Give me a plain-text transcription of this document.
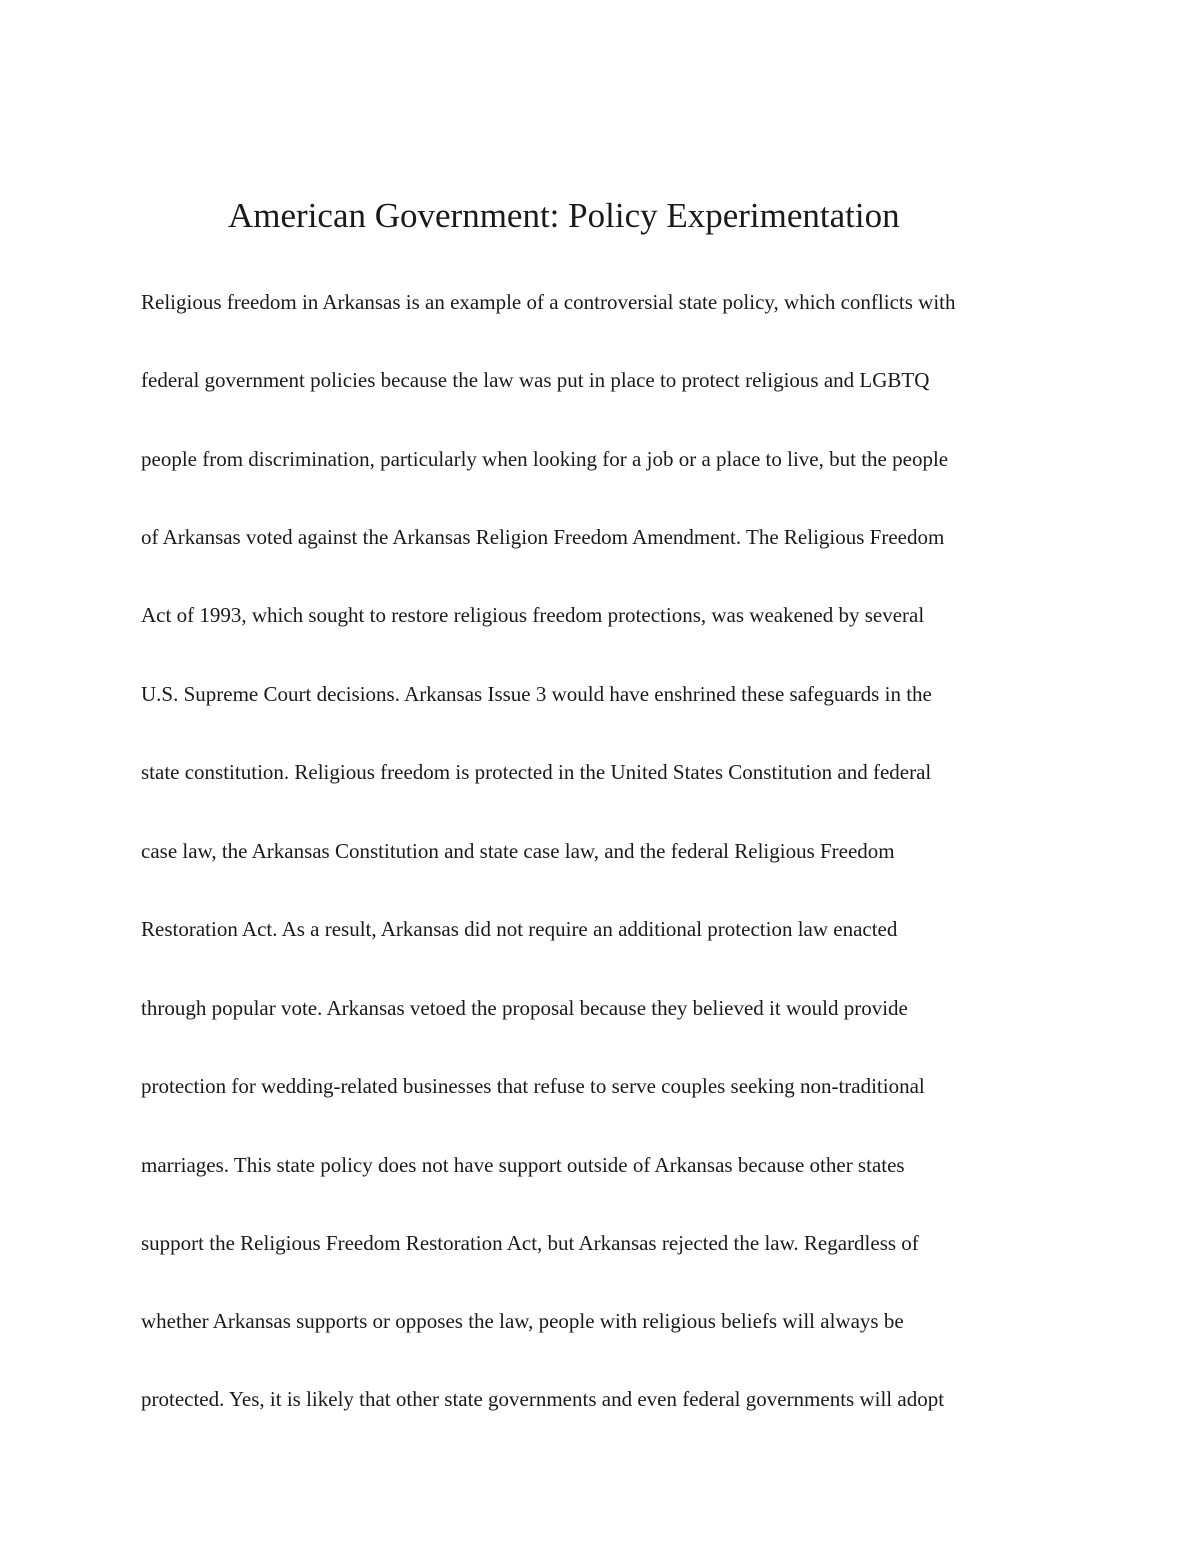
American Government: Policy Experimentation

Religious freedom in Arkansas is an example of a controversial state policy, which conflicts with

federal government policies because the law was put in place to protect religious and LGBTQ

people from discrimination, particularly when looking for a job or a place to live, but the people

of Arkansas voted against the Arkansas Religion Freedom Amendment. The Religious Freedom

Act of 1993, which sought to restore religious freedom protections, was weakened by several

U.S. Supreme Court decisions. Arkansas Issue 3 would have enshrined these safeguards in the

state constitution. Religious freedom is protected in the United States Constitution and federal

case law, the Arkansas Constitution and state case law, and the federal Religious Freedom

Restoration Act. As a result, Arkansas did not require an additional protection law enacted

through popular vote. Arkansas vetoed the proposal because they believed it would provide

protection for wedding-related businesses that refuse to serve couples seeking non-traditional

marriages. This state policy does not have support outside of Arkansas because other states

support the Religious Freedom Restoration Act, but Arkansas rejected the law. Regardless of

whether Arkansas supports or opposes the law, people with religious beliefs will always be

protected. Yes, it is likely that other state governments and even federal governments will adopt
